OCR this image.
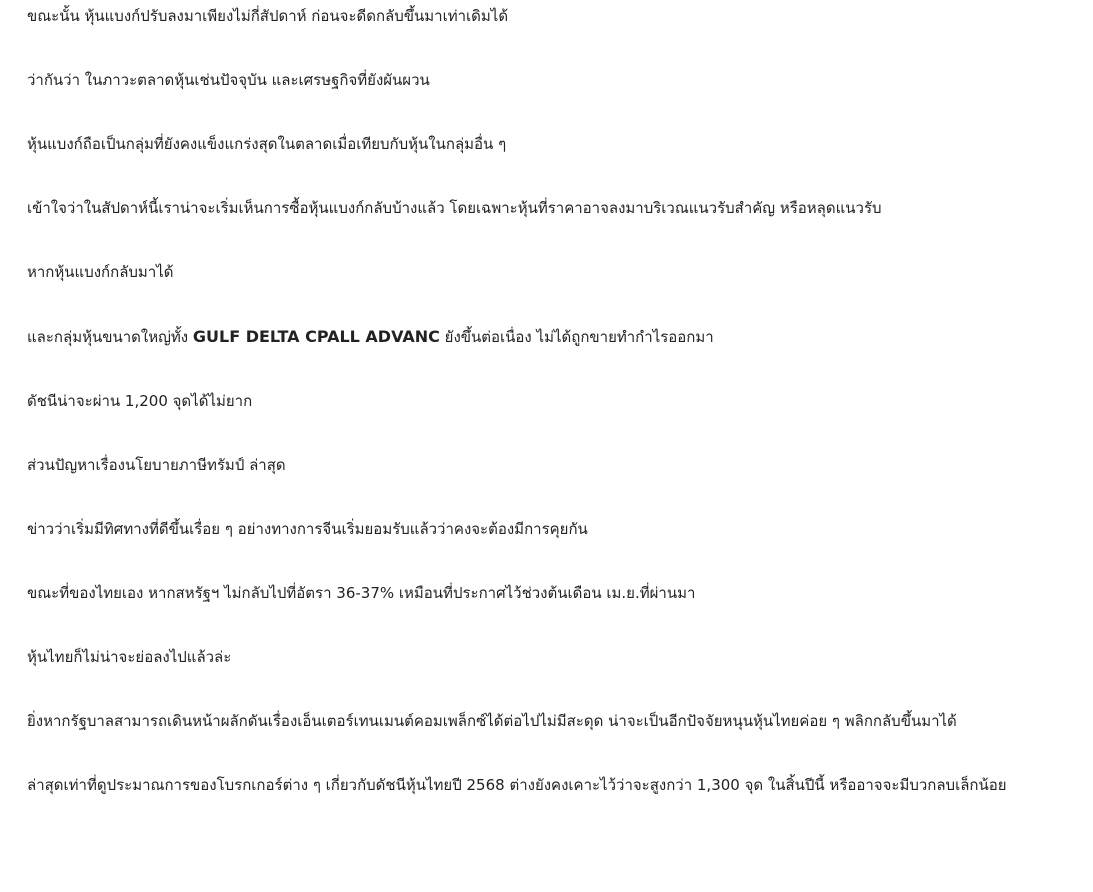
ขณะนั้น หุ้นแบงก์ปรับลงมาเพียงไม่กี่สัปดาห์ ก่อนจะดีดกลับขึ้นมาเท่าเดิมได้

ว่ากันว่า ในภาวะตลาดหุ้นเช่นปัจจุบัน และเศรษฐกิจที่ยังผันผวน

หุ้นแบงก์ถือเป็นกลุ่มที่ยังคงแข็งแกร่งสุดในตลาดเมื่อเทียบกับหุ้นในกลุ่มอื่น ๆ

เข้าใจว่าในสัปดาห์นี้เราน่าจะเริ่มเห็นการซื้อหุ้นแบงก์กลับบ้างแล้ว โดยเฉพาะหุ้นที่ราคาอาจลงมาบริเวณแนวรับสำคัญ หรือหลุดแนวรับ

หากหุ้นแบงก์กลับมาได้

และกลุ่มหุ้นขนาดใหญ่ทั้ง GULF DELTA CPALL ADVANC ยังขึ้นต่อเนื่อง ไม่ได้ถูกขายทำกำไรออกมา

ดัชนีน่าจะผ่าน 1,200 จุดได้ไม่ยาก

ส่วนปัญหาเรื่องนโยบายภาษีทรัมป์ ล่าสุด

ข่าวว่าเริ่มมีทิศทางที่ดีขึ้นเรื่อย ๆ อย่างทางการจีนเริ่มยอมรับแล้วว่าคงจะต้องมีการคุยกัน

ขณะที่ของไทยเอง หากสหรัฐฯ ไม่กลับไปที่อัตรา 36-37% เหมือนที่ประกาศไว้ช่วงต้นเดือน เม.ย.ที่ผ่านมา

หุ้นไทยก็ไม่น่าจะย่อลงไปแล้วล่ะ

ยิ่งหากรัฐบาลสามารถเดินหน้าผลักดันเรื่องเอ็นเตอร์เทนเมนต์คอมเพล็กซ์ได้ต่อไปไม่มีสะดุด น่าจะเป็นอีกปัจจัยหนุนหุ้นไทยค่อย ๆ พลิกกลับขึ้นมาได้

ล่าสุดเท่าที่ดูประมาณการของโบรกเกอร์ต่าง ๆ เกี่ยวกับดัชนีหุ้นไทยปี 2568 ต่างยังคงเคาะไว้ว่าจะสูงกว่า 1,300 จุด ในสิ้นปีนี้ หรืออาจจะมีบวกลบเล็กน้อย
